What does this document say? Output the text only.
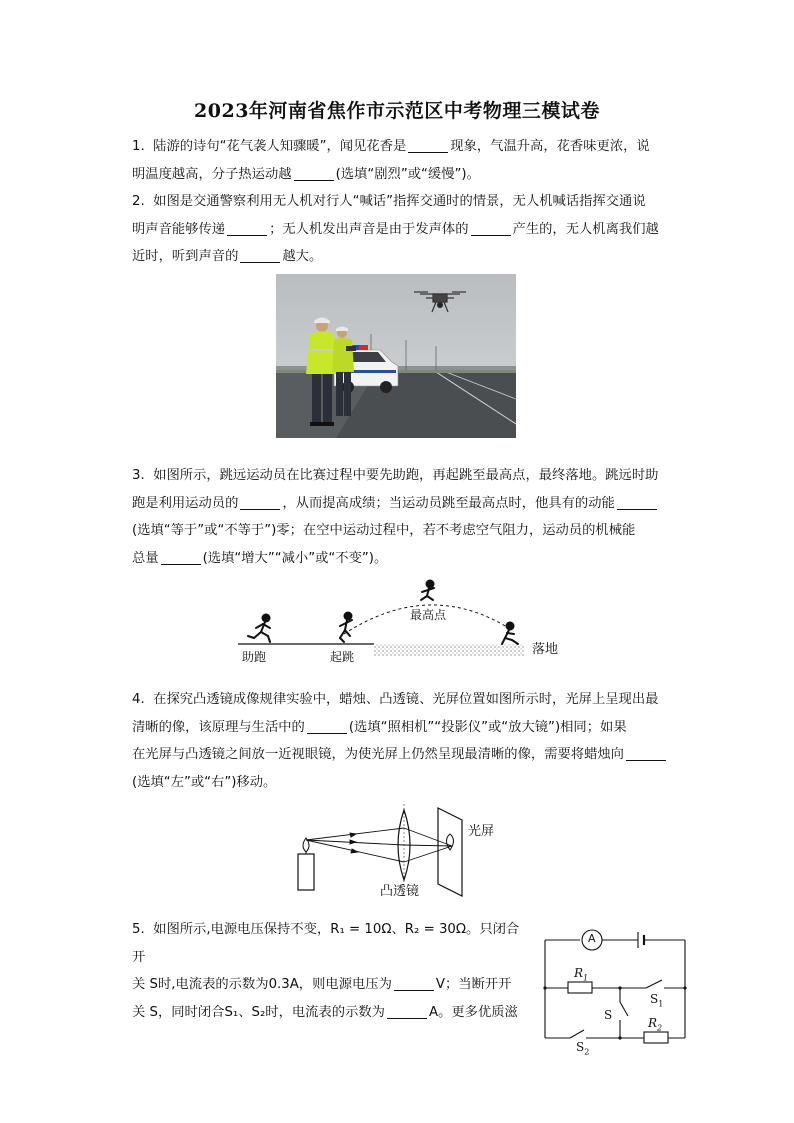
2023年河南省焦作市示范区中考物理三模试卷

1. 陆游的诗句“花气袭人知骤暖”，闻见花香是	现象，气温升高，花香味更浓，说

明温度越高，分子热运动越	(选填“剧烈”或“缓慢”)。

2. 如图是交通警察利用无人机对行人“喊话”指挥交通时的情景，无人机喊话指挥交通说

明声音能够传递	；无人机发出声音是由于发声体的	产生的，无人机离我们越

近时，听到声音的	越大。

3. 如图所示，跳远运动员在比赛过程中要先助跑，再起跳至最高点，最终落地。跳远时助

跑是利用运动员的	，从而提高成绩；当运动员跳至最高点时，他具有的动能

(选填“等于”或“不等于”)零；在空中运动过程中，若不考虑空气阻力，运动员的机械能

总量	(选填“增大”“减小”或“不变”)。

助跑	起跳
最高点
落地

4. 在探究凸透镜成像规律实验中，蜡烛、凸透镜、光屏位置如图所示时，光屏上呈现出最

清晰的像，该原理与生活中的	(选填“照相机”“投影仪”或“放大镜”)相同；如果

在光屏与凸透镜之间放一近视眼镜，为使光屏上仍然呈现最清晰的像，需要将蜡烛向

(选填“左”或“右”)移动。

光屏
凸透镜

5. 如图所示,电源电压保持不变，R₁ = 10Ω、R₂ = 30Ω。只闭合开

关 S时,电流表的示数为0.3A，则电源电压为	V；当断开开

关 S，同时闭合S₁、S₂时，电流表的示数为	A。更多优质滋

A
$R_1$
$S_1$
S
$R_2$
$S_2$
